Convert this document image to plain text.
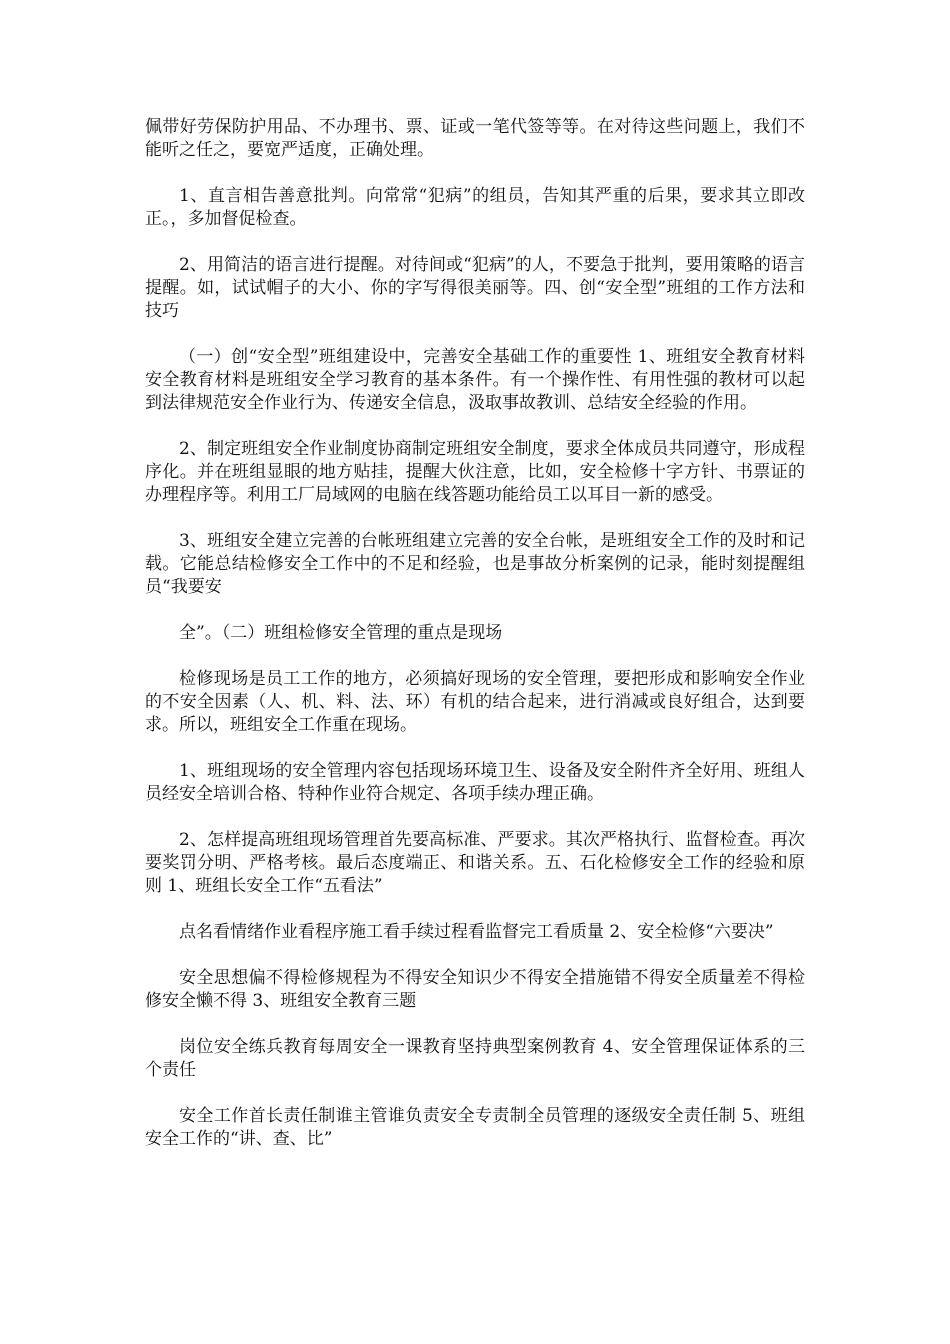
佩带好劳保防护用品、不办理书、票、证或一笔代签等等。在对待这些问题上，我们不能听之任之，要宽严适度，正确处理。

1、直言相告善意批判。向常常“犯病”的组员，告知其严重的后果，要求其立即改正。，多加督促检查。

2、用简洁的语言进行提醒。对待间或“犯病”的人，不要急于批判，要用策略的语言提醒。如，试试帽子的大小、你的字写得很美丽等。四、创“安全型”班组的工作方法和技巧

（一）创“安全型”班组建设中，完善安全基础工作的重要性 1、班组安全教育材料安全教育材料是班组安全学习教育的基本条件。有一个操作性、有用性强的教材可以起到法律规范安全作业行为、传递安全信息，汲取事故教训、总结安全经验的作用。

2、制定班组安全作业制度协商制定班组安全制度，要求全体成员共同遵守，形成程序化。并在班组显眼的地方贴挂，提醒大伙注意，比如，安全检修十字方针、书票证的办理程序等。利用工厂局域网的电脑在线答题功能给员工以耳目一新的感受。

3、班组安全建立完善的台帐班组建立完善的安全台帐，是班组安全工作的及时和记载。它能总结检修安全工作中的不足和经验，也是事故分析案例的记录，能时刻提醒组员“我要安

全”。（二）班组检修安全管理的重点是现场

检修现场是员工工作的地方，必须搞好现场的安全管理，要把形成和影响安全作业的不安全因素（人、机、料、法、环）有机的结合起来，进行消减或良好组合，达到要求。所以，班组安全工作重在现场。

1、班组现场的安全管理内容包括现场环境卫生、设备及安全附件齐全好用、班组人员经安全培训合格、特种作业符合规定、各项手续办理正确。

2、怎样提高班组现场管理首先要高标准、严要求。其次严格执行、监督检查。再次要奖罚分明、严格考核。最后态度端正、和谐关系。五、石化检修安全工作的经验和原则 1、班组长安全工作“五看法”

点名看情绪作业看程序施工看手续过程看监督完工看质量 2、安全检修“六要决”

安全思想偏不得检修规程为不得安全知识少不得安全措施错不得安全质量差不得检修安全懒不得 3、班组安全教育三题

岗位安全练兵教育每周安全一课教育坚持典型案例教育 4、安全管理保证体系的三个责任

安全工作首长责任制谁主管谁负责安全专责制全员管理的逐级安全责任制 5、班组安全工作的“讲、查、比”
